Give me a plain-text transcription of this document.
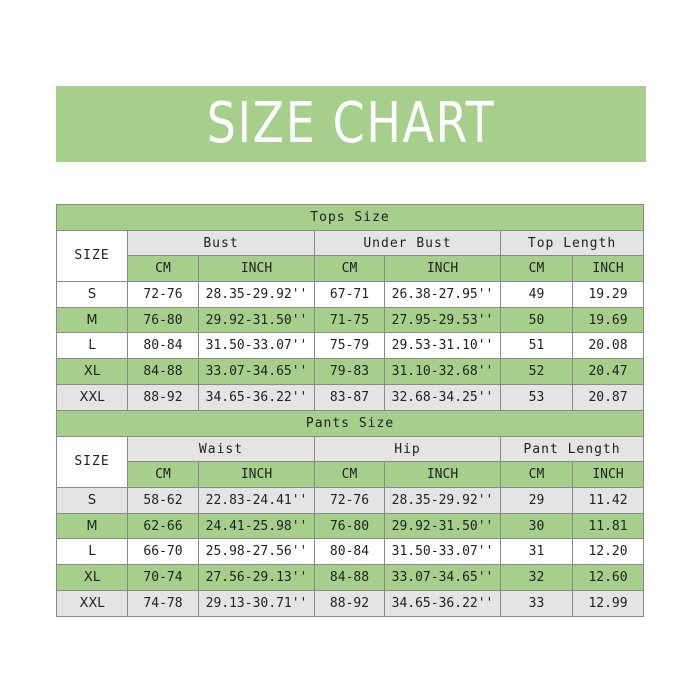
SIZE CHART
Tops Size						
SIZE	Bust		Under Bust		Top Length	
	CM	INCH	CM	INCH	CM	INCH
S	72-76	28.35-29.92''	67-71	26.38-27.95''	49	19.29
M	76-80	29.92-31.50''	71-75	27.95-29.53''	50	19.69
L	80-84	31.50-33.07''	75-79	29.53-31.10''	51	20.08
XL	84-88	33.07-34.65''	79-83	31.10-32.68''	52	20.47
XXL	88-92	34.65-36.22''	83-87	32.68-34.25''	53	20.87
Pants Size						
SIZE	Waist		Hip		Pant Length	
	CM	INCH	CM	INCH	CM	INCH
S	58-62	22.83-24.41''	72-76	28.35-29.92''	29	11.42
M	62-66	24.41-25.98''	76-80	29.92-31.50''	30	11.81
L	66-70	25.98-27.56''	80-84	31.50-33.07''	31	12.20
XL	70-74	27.56-29.13''	84-88	33.07-34.65''	32	12.60
XXL	74-78	29.13-30.71''	88-92	34.65-36.22''	33	12.99
